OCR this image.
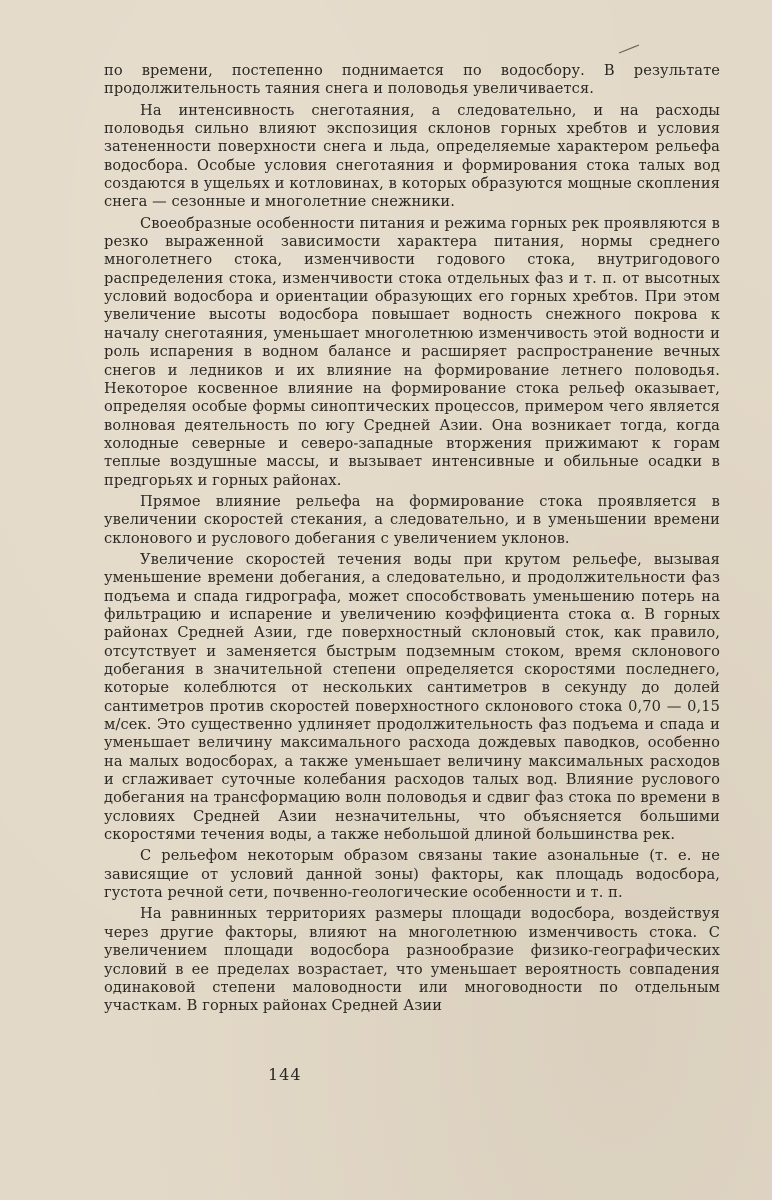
по времени, постепенно поднимается по водосбору. В результате продолжительность таяния снега и половодья увеличивается.

На интенсивность снеготаяния, а следовательно, и на расходы половодья сильно влияют экспозиция склонов горных хребтов и условия затененности поверхности снега и льда, определяемые характером рельефа водосбора. Особые условия снеготаяния и формирования стока талых вод создаются в ущельях и котловинах, в которых образуются мощные скопления снега — сезонные и многолетние снежники.

Своеобразные особенности питания и режима горных рек проявляются в резко выраженной зависимости характера питания, нормы среднего многолетнего стока, изменчивости годового стока, внутригодового распределения стока, изменчивости стока отдельных фаз и т. п. от высотных условий водосбора и ориентации образующих его горных хребтов. При этом увеличение высоты водосбора повышает водность снежного покрова к началу снеготаяния, уменьшает многолетнюю изменчивость этой водности и роль испарения в водном балансе и расширяет распространение вечных снегов и ледников и их влияние на формирование летнего половодья. Некоторое косвенное влияние на формирование стока рельеф оказывает, определяя особые формы синоптических процессов, примером чего является волновая деятельность по югу Средней Азии. Она возникает тогда, когда холодные северные и северо-западные вторжения прижимают к горам теплые воздушные массы, и вызывает интенсивные и обильные осадки в предгорьях и горных районах.

Прямое влияние рельефа на формирование стока проявляется в увеличении скоростей стекания, а следовательно, и в уменьшении времени склонового и руслового добегания с увеличением уклонов.

Увеличение скоростей течения воды при крутом рельефе, вызывая уменьшение времени добегания, а следовательно, и продолжительности фаз подъема и спада гидрографа, может способствовать уменьшению потерь на фильтрацию и испарение и увеличению коэффициента стока α. В горных районах Средней Азии, где поверхностный склоновый сток, как правило, отсутствует и заменяется быстрым подземным стоком, время склонового добегания в значительной степени определяется скоростями последнего, которые колеблются от нескольких сантиметров в секунду до долей сантиметров против скоростей поверхностного склонового стока 0,70 — 0,15 м/сек. Это существенно удлиняет продолжительность фаз подъема и спада и уменьшает величину максимального расхода дождевых паводков, особенно на малых водосборах, а также уменьшает величину максимальных расходов и сглаживает суточные колебания расходов талых вод. Влияние руслового добегания на трансформацию волн половодья и сдвиг фаз стока по времени в условиях Средней Азии незначительны, что объясняется большими скоростями течения воды, а также небольшой длиной большинства рек.

С рельефом некоторым образом связаны такие азональные (т. е. не зависящие от условий данной зоны) факторы, как площадь водосбора, густота речной сети, почвенно-геологические особенности и т. п.

На равнинных территориях размеры площади водосбора, воздействуя через другие факторы, влияют на многолетнюю изменчивость стока. С увеличением площади водосбора разнообразие физико-географических условий в ее пределах возрастает, что уменьшает вероятность совпадения одинаковой степени маловодности или многоводности по отдельным участкам. В горных районах Средней Азии

144
